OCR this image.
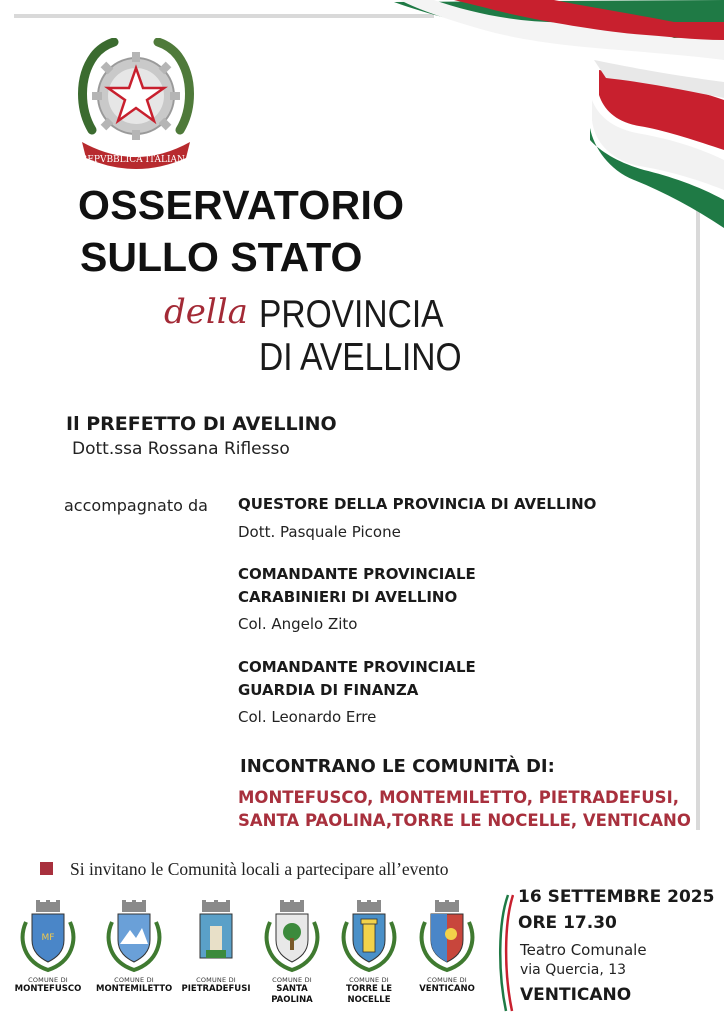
REPVBBLICA ITALIANA
OSSERVATORIO
SULLO STATO
della PROVINCIA
DI AVELLINO
Il PREFETTO DI AVELLINO
Dott.ssa Rossana Riflesso
accompagnato da QUESTORE DELLA PROVINCIA DI AVELLINO
Dott. Pasquale Picone
COMANDANTE PROVINCIALE
CARABINIERI DI AVELLINO
Col. Angelo Zito
COMANDANTE PROVINCIALE
GUARDIA DI FINANZA
Col. Leonardo Erre
INCONTRANO LE COMUNITÀ DI:
MONTEFUSCO, MONTEMILETTO, PIETRADEFUSI,
SANTA PAOLINA,TORRE LE NOCELLE, VENTICANO
Si invitano le Comunità locali a partecipare all’evento
MF
COMUNE DI
MONTEFUSCO
COMUNE DI
MONTEMILETTO
COMUNE DI
PIETRADEFUSI
COMUNE DI
SANTA
PAOLINA
COMUNE DI
TORRE LE
NOCELLE
COMUNE DI
VENTICANO
16 SETTEMBRE 2025
ORE 17.30
Teatro Comunale
via Quercia, 13
VENTICANO
